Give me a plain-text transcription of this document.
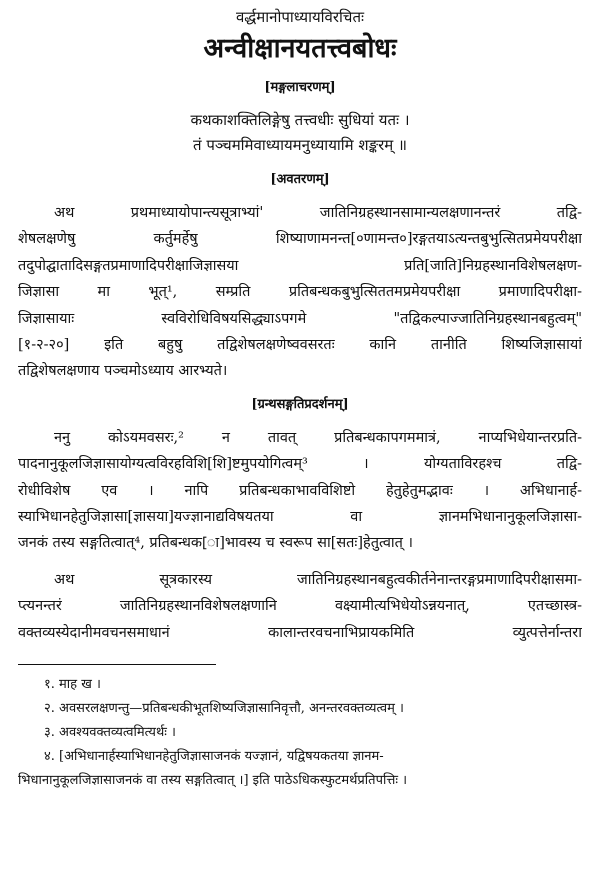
वर्द्धमानोपाध्यायविरचितः
अन्वीक्षानयतत्त्वबोधः
[मङ्गलाचरणम्]
कथकाशक्तिलिङ्गेषु तत्त्वधीः सुधियां यतः ।
तं पञ्चममिवाध्यायमनुध्यायामि शङ्करम् ॥
[अवतरणम्]
अथ प्रथमाध्यायोपान्त्यसूत्राभ्यां' जातिनिग्रहस्थानसामान्यलक्षणानन्तरं तद्वि-
शेषलक्षणेषु कर्तुमर्हेषु शिष्याणामनन्त[०णामन्त०]रङ्गतयाऽत्यन्तबुभुत्सितप्रमेयपरीक्षा
तदुपोद्घातादिसङ्गतप्रमाणादिपरीक्षाजिज्ञासया प्रति[जाति]निग्रहस्थानविशेषलक्षण-
जिज्ञासा मा भूत्¹, सम्प्रति प्रतिबन्धकबुभुत्सिततमप्रमेयपरीक्षा प्रमाणादिपरीक्षा-
जिज्ञासायाः स्वविरोधिविषयसिद्ध्याऽपगमे "तद्विकल्पाज्जातिनिग्रहस्थानबहुत्वम्"
[१-२-२०] इति बहुषु तद्विशेषलक्षणेष्ववसरतः कानि तानीति शिष्यजिज्ञासायां
तद्विशेषलक्षणाय पञ्चमोऽध्याय आरभ्यते।
[ग्रन्थसङ्गतिप्रदर्शनम्]
ननु कोऽयमवसरः,² न तावत् प्रतिबन्धकापगममात्रं, नाप्यभिधेयान्तरप्रति-
पादनानुकूलजिज्ञासायोग्यत्वविरहविशि[शि]ष्टमुपयोगित्वम्³ । योग्यताविरहश्च तद्वि-
रोधीविशेष एव । नापि प्रतिबन्धकाभावविशिष्टो हेतुहेतुमद्भावः । अभिधानार्ह-
स्याभिधानहेतुजिज्ञासा[ज्ञासया]यज्ज्ञानाद्यविषयतया वा ज्ञानमभिधानानुकूलजिज्ञासा-
जनकं तस्य सङ्गतित्वात्⁴, प्रतिबन्धक[ा]भावस्य च स्वरूप सा[सतः]हेतुत्वात् ।
अथ सूत्रकारस्य जातिनिग्रहस्थानबहुत्वकीर्तनेनान्तरङ्गप्रमाणादिपरीक्षासमा-
प्त्यनन्तरं जातिनिग्रहस्थानविशेषलक्षणानि वक्ष्यामीत्यभिधेयोऽन्नयनात्, एतच्छास्त्र-
वक्तव्यस्येदानीमवचनसमाधानं कालान्तरवचनाभिप्रायकमिति व्युत्पत्तेर्नान्तरा
१. माह ख ।
२. अवसरलक्षणन्तु—प्रतिबन्धकीभूतशिष्यजिज्ञासानिवृत्तौ, अनन्तरवक्तव्यत्वम् ।
३. अवश्यवक्तव्यत्वमित्यर्थः ।
४. [अभिधानार्हस्याभिधानहेतुजिज्ञासाजनकं यज्ज्ञानं, यद्विषयकतया ज्ञानम-
भिधानानुकूलजिज्ञासाजनकं वा तस्य सङ्गतित्वात् ।] इति पाठेऽधिकस्फुटमर्थप्रतिपत्तिः ।
